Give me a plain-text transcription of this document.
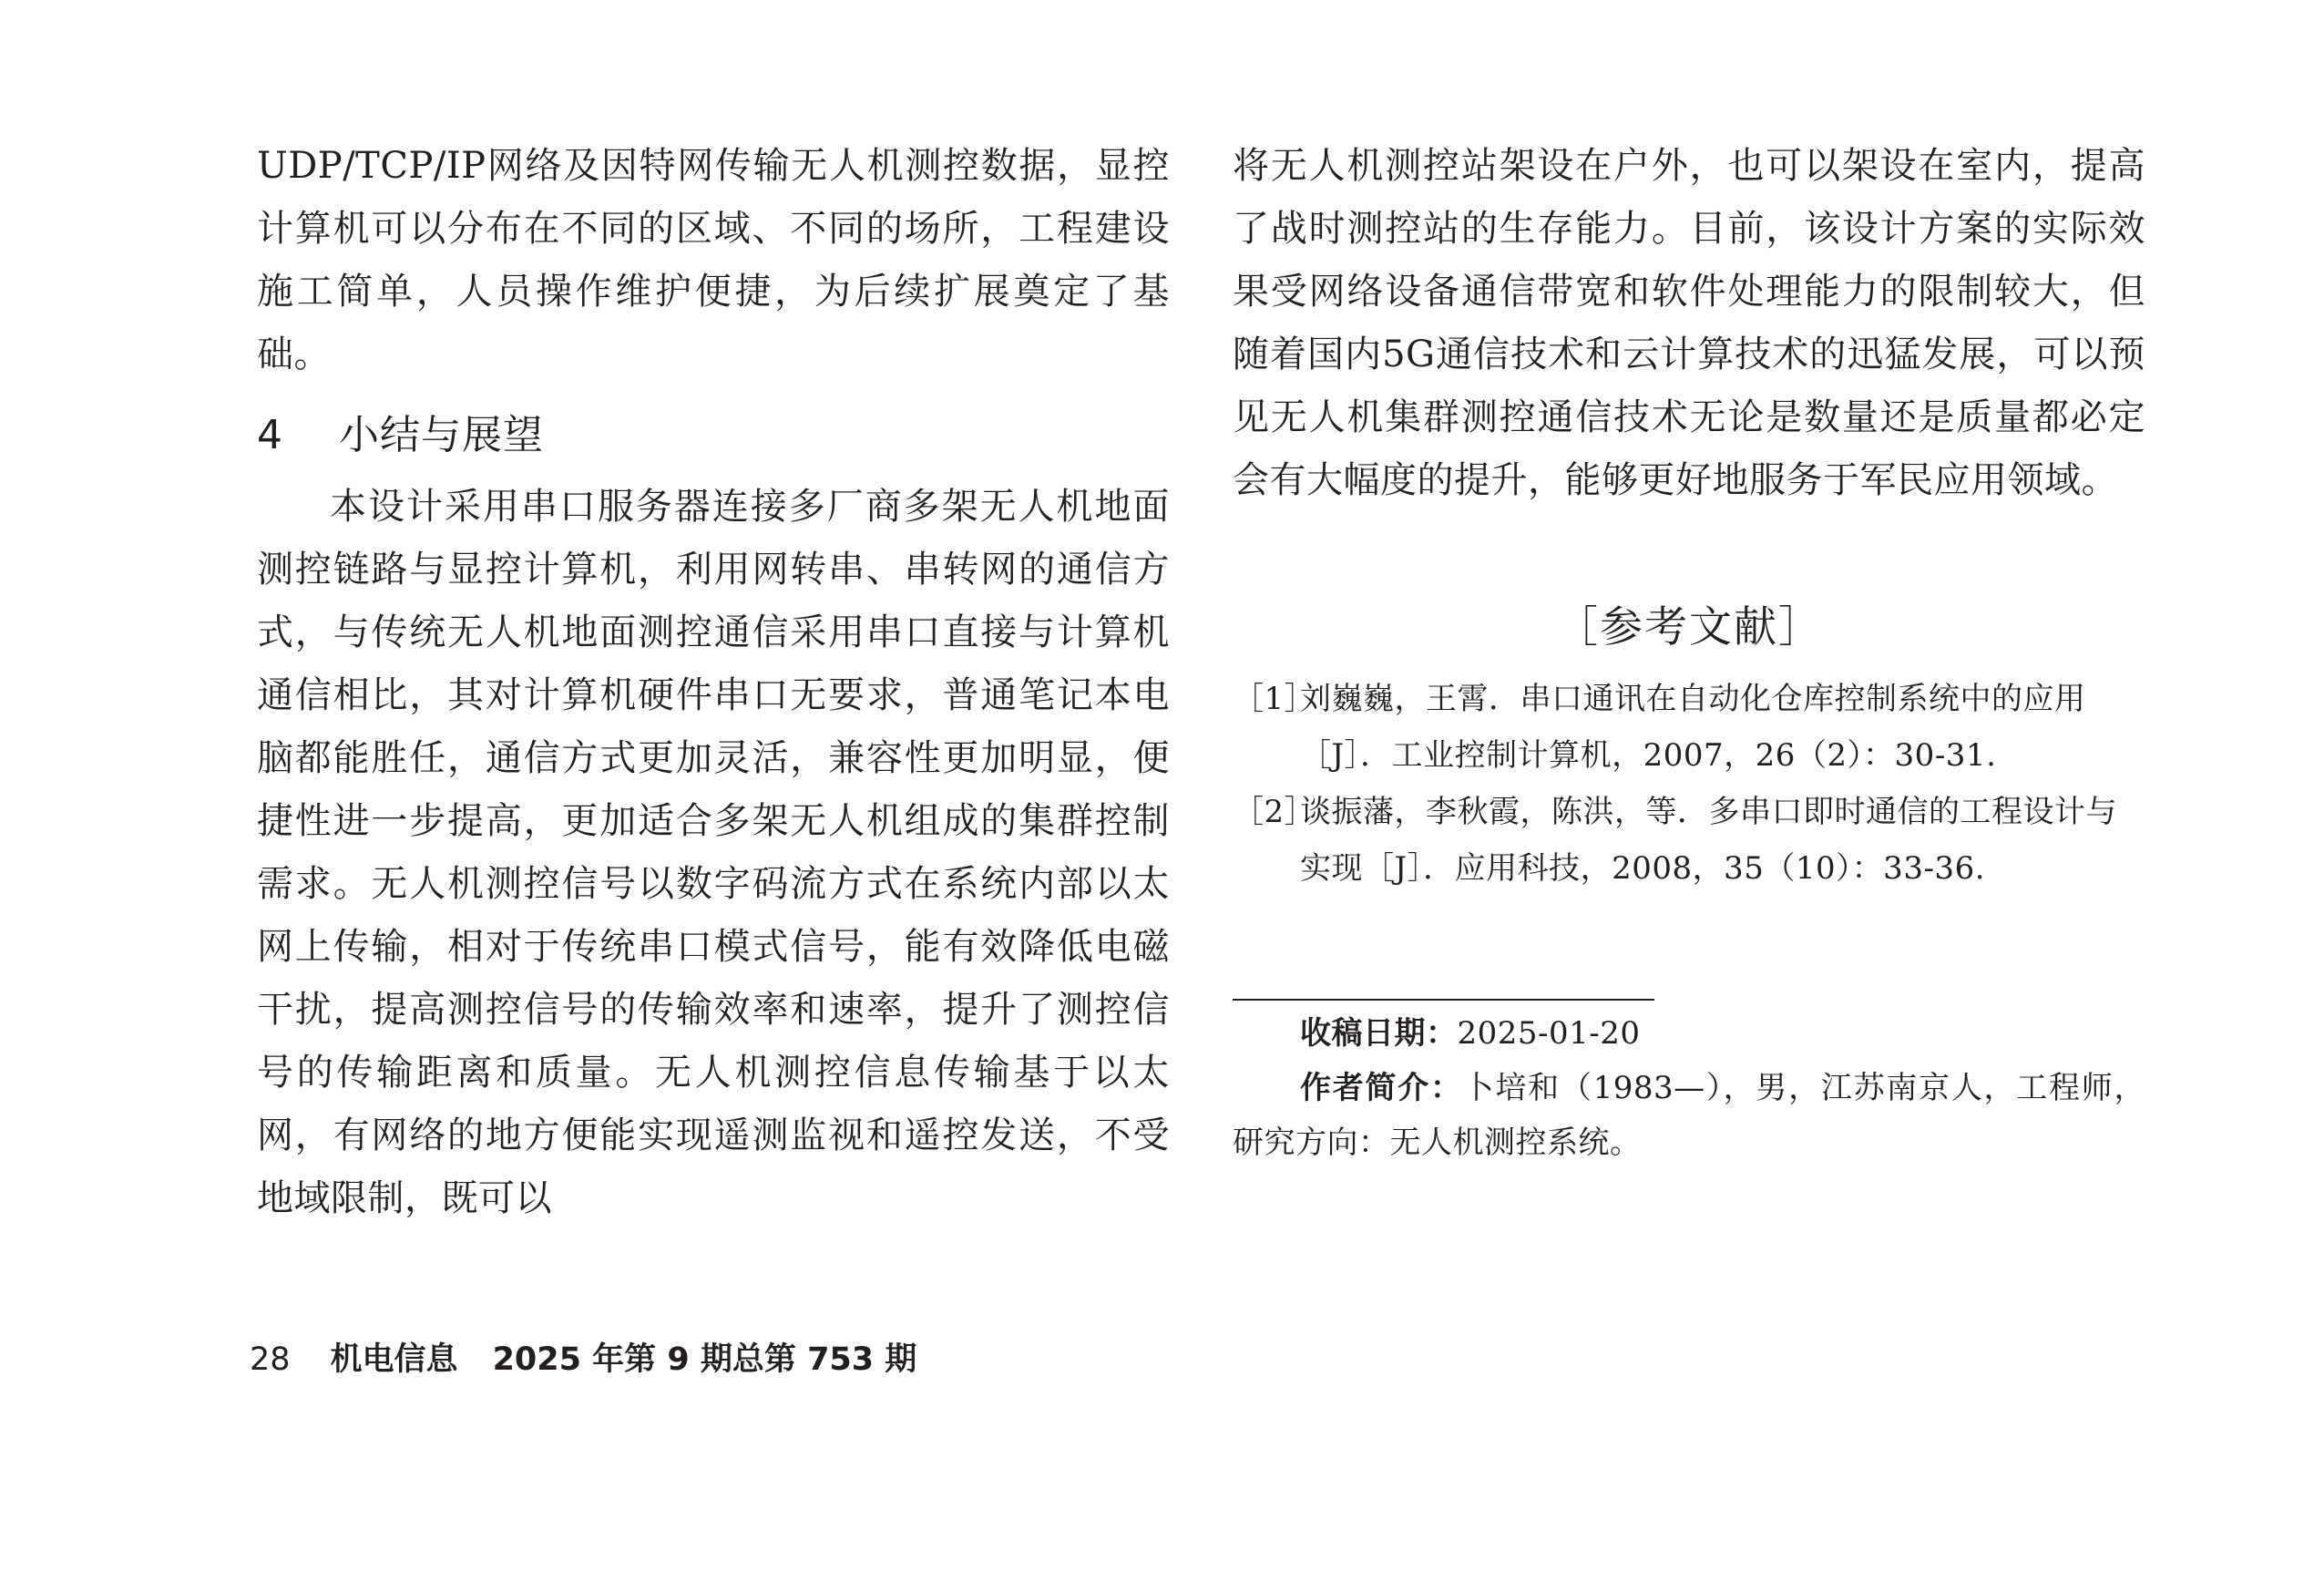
UDP/TCP/IP网络及因特网传输无人机测控数据，显控计算机可以分布在不同的区域、不同的场所，工程建设施工简单，人员操作维护便捷，为后续扩展奠定了基础。

4 小结与展望

本设计采用串口服务器连接多厂商多架无人机地面测控链路与显控计算机，利用网转串、串转网的通信方式，与传统无人机地面测控通信采用串口直接与计算机通信相比，其对计算机硬件串口无要求，普通笔记本电脑都能胜任，通信方式更加灵活，兼容性更加明显，便捷性进一步提高，更加适合多架无人机组成的集群控制需求。无人机测控信号以数字码流方式在系统内部以太网上传输，相对于传统串口模式信号，能有效降低电磁干扰，提高测控信号的传输效率和速率，提升了测控信号的传输距离和质量。无人机测控信息传输基于以太网，有网络的地方便能实现遥测监视和遥控发送，不受地域限制，既可以

将无人机测控站架设在户外，也可以架设在室内，提高了战时测控站的生存能力。目前，该设计方案的实际效果受网络设备通信带宽和软件处理能力的限制较大，但随着国内5G通信技术和云计算技术的迅猛发展，可以预见无人机集群测控通信技术无论是数量还是质量都必定会有大幅度的提升，能够更好地服务于军民应用领域。

［参考文献］
［1］
刘巍巍，王霄．串口通讯在自动化仓库控制系统中的应用［J］．工业控制计算机，2007，26（2）：30-31.
［2］
谈振藩，李秋霞，陈洪，等．多串口即时通信的工程设计与实现［J］．应用科技，2008，35（10）：33-36.
收稿日期：2025-01-20
作者简介：卜培和（1983—），男，江苏南京人，工程师，研究方向：无人机测控系统。
28 机电信息 2025 年第 9 期总第 753 期
